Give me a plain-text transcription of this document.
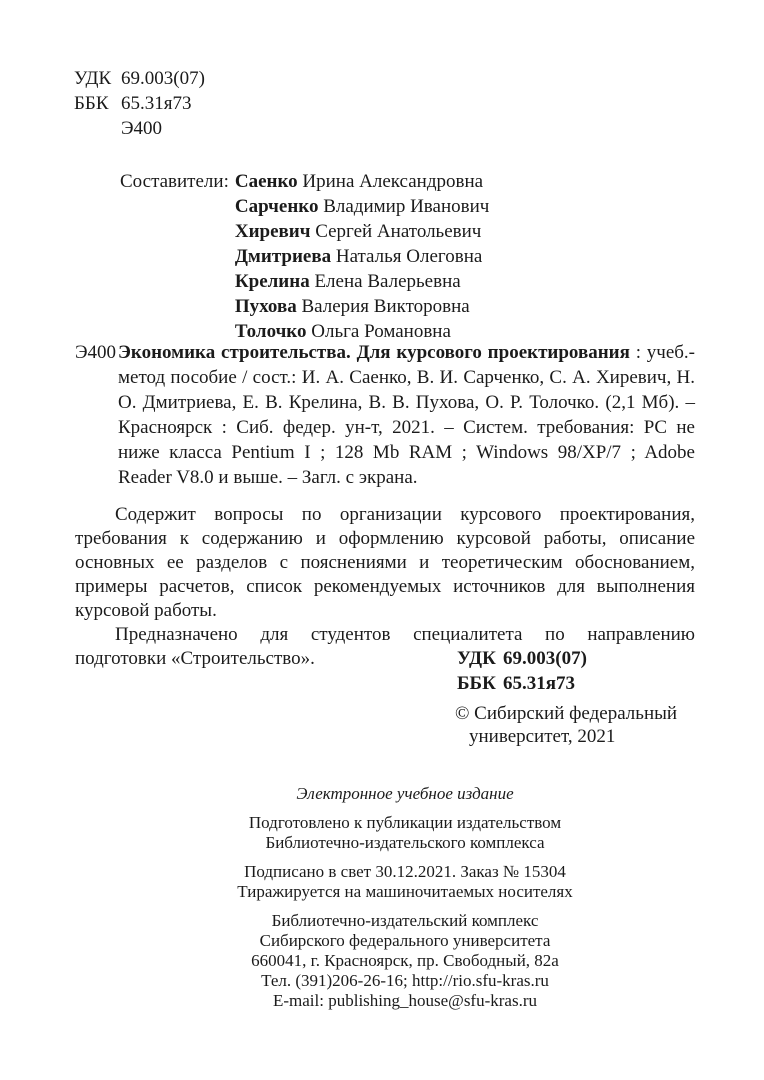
УДК 69.003(07)
ББК 65.31я73
Э400
Составители: Саенко Ирина Александровна
Сарченко Владимир Иванович
Хиревич Сергей Анатольевич
Дмитриева Наталья Олеговна
Крелина Елена Валерьевна
Пухова Валерия Викторовна
Толочко Ольга Романовна
Э400 Экономика строительства. Для курсового проектирования : учеб.-метод пособие / сост.: И. А. Саенко, В. И. Сарченко, С. А. Хиревич, Н. О. Дмитриева, Е. В. Крелина, В. В. Пухова, О. Р. Толочко. (2,1 Мб). – Красноярск : Сиб. федер. ун-т, 2021. – Систем. требования: PC не ниже класса Pentium I ; 128 Mb RAM ; Windows 98/XP/7 ; Adobe Reader V8.0 и выше. – Загл. с экрана.

Содержит вопросы по организации курсового проектирования, требования к содержанию и оформлению курсовой работы, описание основных ее разделов с пояснениями и теоретическим обоснованием, примеры расчетов, список рекомендуемых источников для выполнения курсовой работы.

Предназначено для студентов специалитета по направлению подготовки «Строительство».	УДК 69.003(07)
ББК 65.31я73
© Сибирский федеральный
университет, 2021
Электронное учебное издание
Подготовлено к публикации издательством
Библиотечно-издательского комплекса
Подписано в свет 30.12.2021. Заказ № 15304
Тиражируется на машиночитаемых носителях
Библиотечно-издательский комплекс
Сибирского федерального университета
660041, г. Красноярск, пр. Свободный, 82а
Тел. (391)206-26-16; http://rio.sfu-kras.ru
E-mail: publishing_house@sfu-kras.ru
